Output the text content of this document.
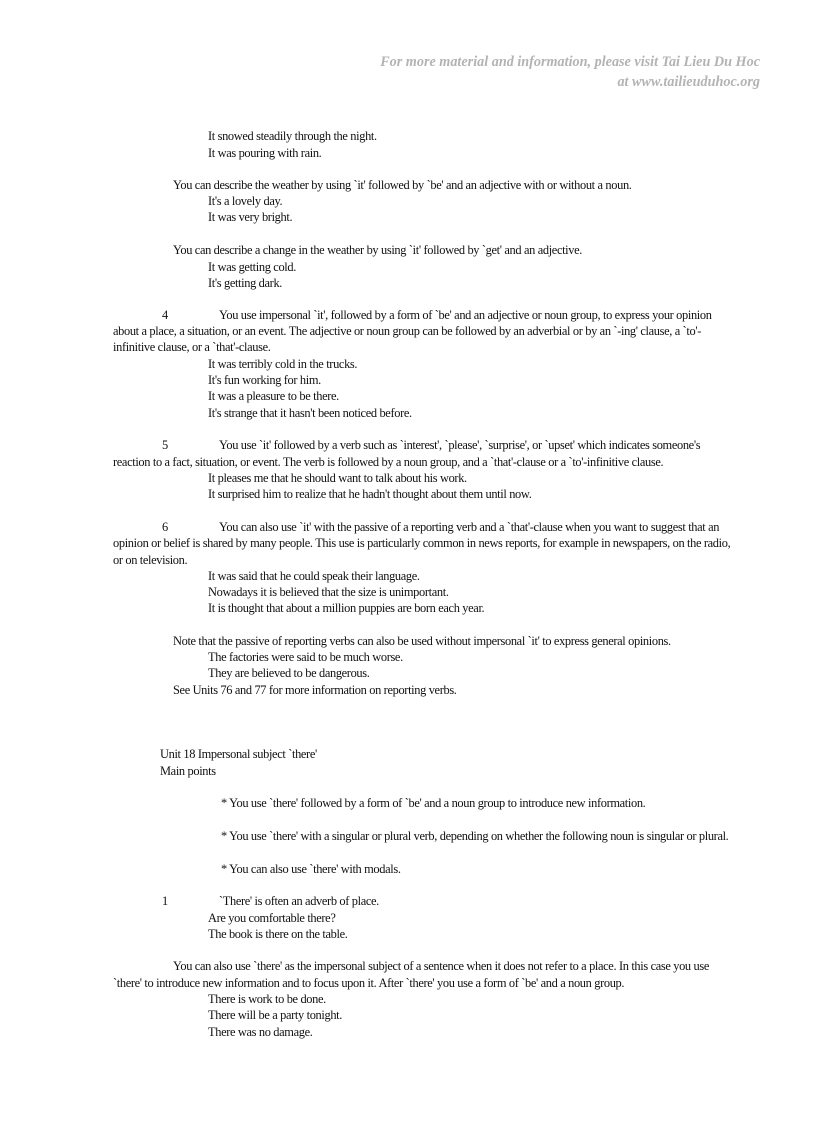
For more material and information, please visit Tai Lieu Du Hoc
at www.tailieuduhoc.org
It snowed steadily through the night.
It was pouring with rain.
You can describe the weather by using `it' followed by `be' and an adjective with or without a noun.
It's a lovely day.
It was very bright.
You can describe a change in the weather by using `it' followed by `get' and an adjective.
It was getting cold.
It's getting dark.
4	You use impersonal `it', followed by a form of `be' and an adjective or noun group, to express your opinion
about a place, a situation, or an event. The adjective or noun group can be followed by an adverbial or by an `-ing' clause, a `to'-
infinitive clause, or a `that'-clause.
It was terribly cold in the trucks.
It's fun working for him.
It was a pleasure to be there.
It's strange that it hasn't been noticed before.
5	You use `it' followed by a verb such as `interest', `please', `surprise', or `upset' which indicates someone's
reaction to a fact, situation, or event. The verb is followed by a noun group, and a `that'-clause or a `to'-infinitive clause.
It pleases me that he should want to talk about his work.
It surprised him to realize that he hadn't thought about them until now.
6	You can also use `it' with the passive of a reporting verb and a `that'-clause when you want to suggest that an
opinion or belief is shared by many people. This use is particularly common in news reports, for example in newspapers, on the radio,
or on television.
It was said that he could speak their language.
Nowadays it is believed that the size is unimportant.
It is thought that about a million puppies are born each year.
Note that the passive of reporting verbs can also be used without impersonal `it' to express general opinions.
The factories were said to be much worse.
They are believed to be dangerous.
See Units 76 and 77 for more information on reporting verbs.
Unit 18 Impersonal subject `there'
Main points
* You use `there' followed by a form of `be' and a noun group to introduce new information.
* You use `there' with a singular or plural verb, depending on whether the following noun is singular or plural.
* You can also use `there' with modals.
1	`There' is often an adverb of place.
Are you comfortable there?
The book is there on the table.
You can also use `there' as the impersonal subject of a sentence when it does not refer to a place. In this case you use
`there' to introduce new information and to focus upon it. After `there' you use a form of `be' and a noun group.
There is work to be done.
There will be a party tonight.
There was no damage.
